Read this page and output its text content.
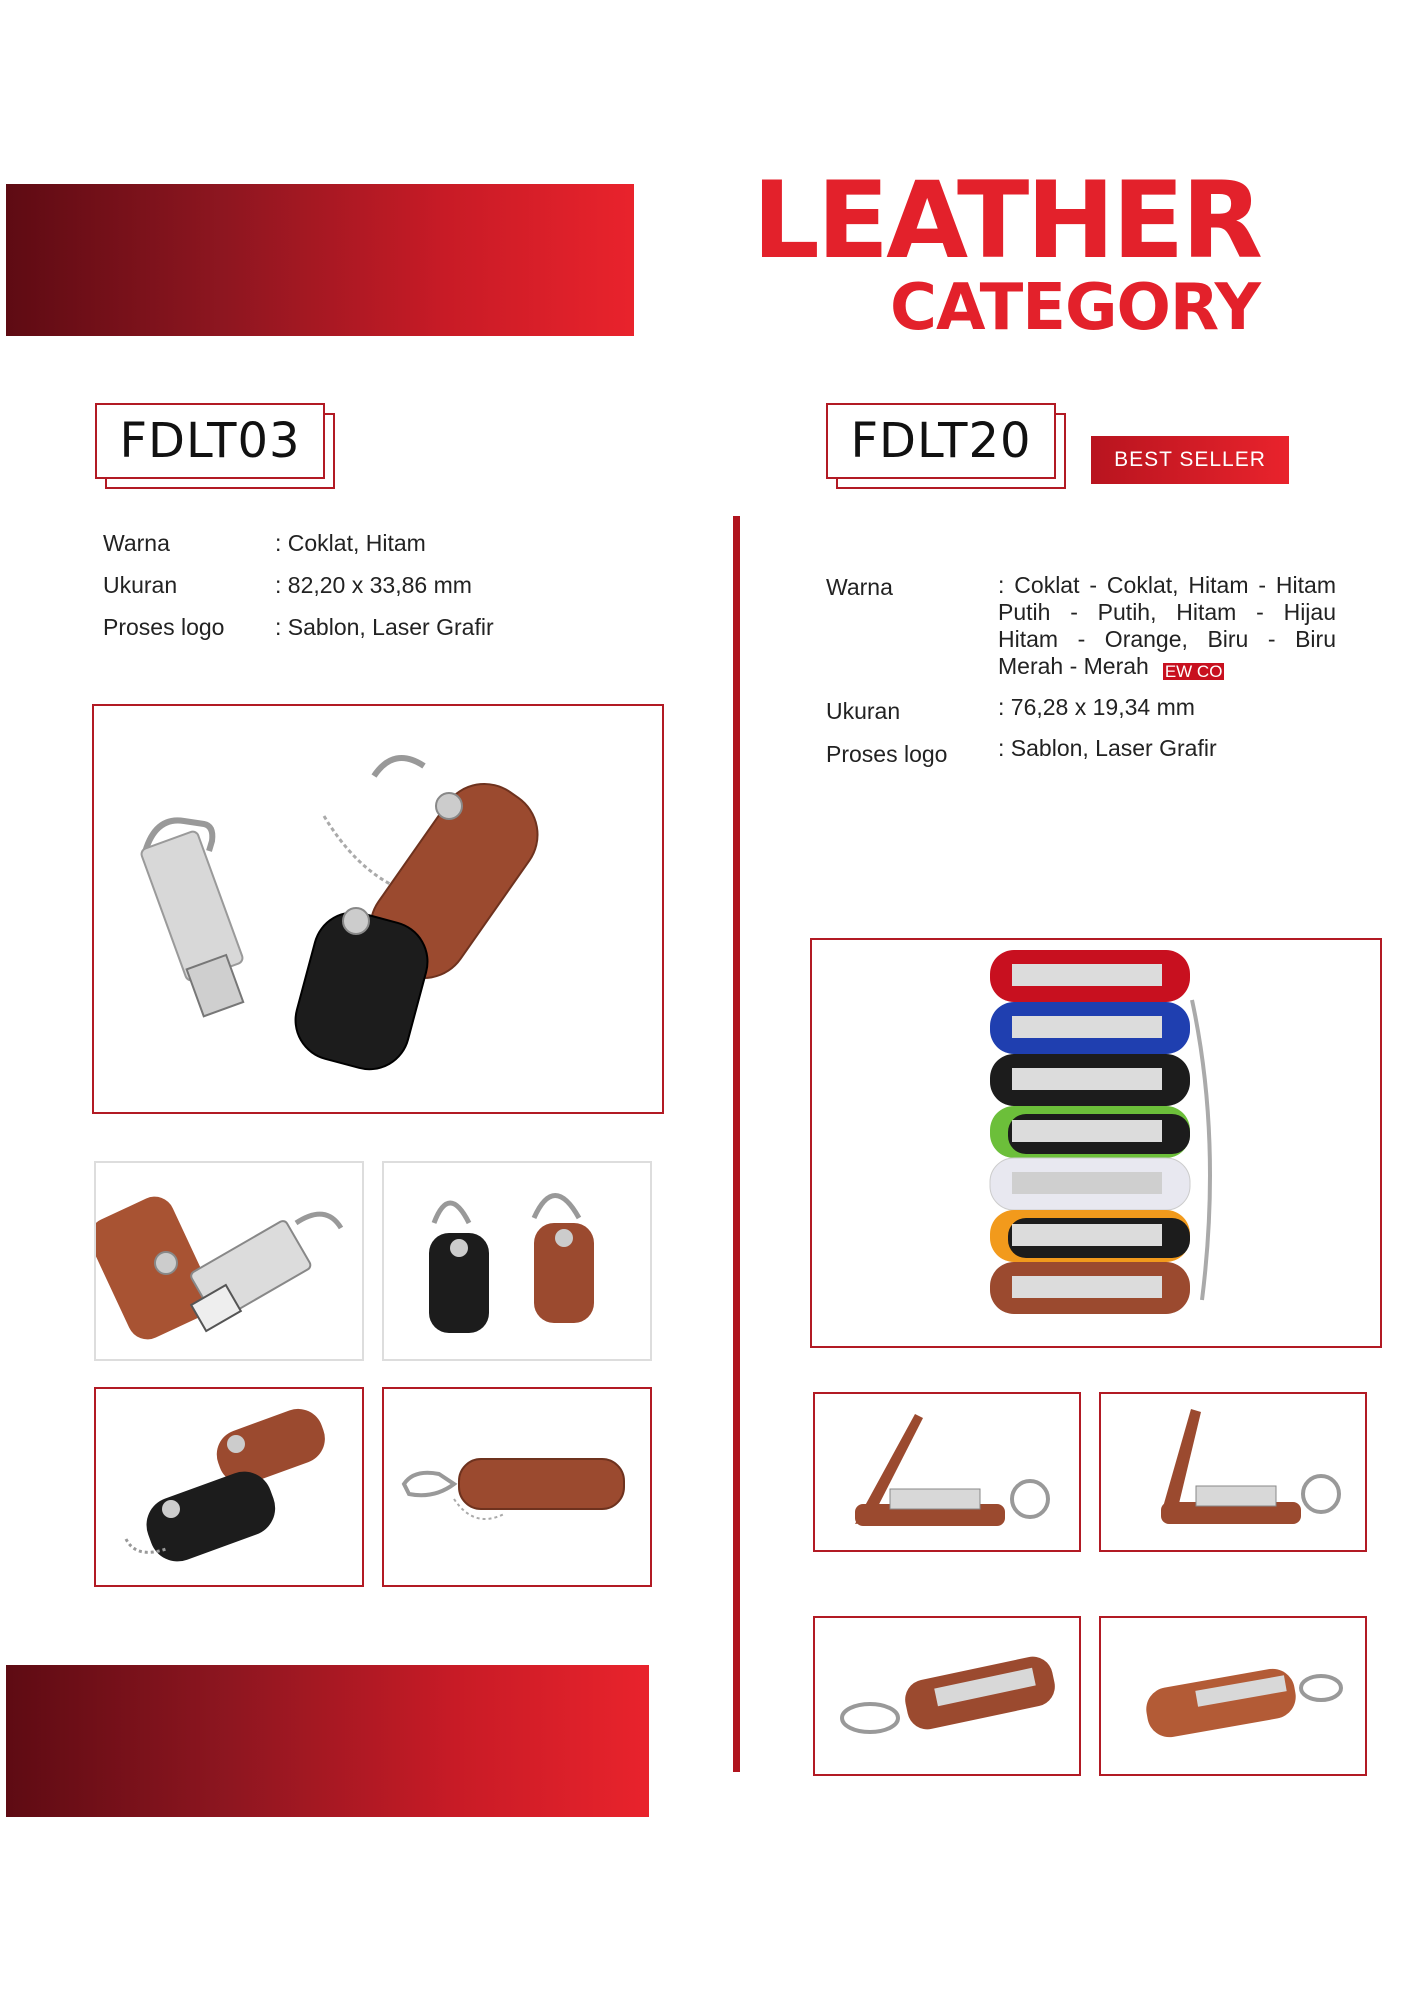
LEATHER
CATEGORY
FDLT03
Warna	: Coklat, Hitam
Ukuran	: 82,20 x 33,86 mm
Proses logo : Sablon, Laser Grafir
FDLT20	BEST SELLER
Warna	: Coklat - Coklat, Hitam - Hitam
Putih - Putih, Hitam - Hijau
Hitam - Orange, Biru - Biru
Merah - Merah EW CO
Ukuran	: 76,28 x 19,34 mm
Proses logo : Sablon, Laser Grafir
